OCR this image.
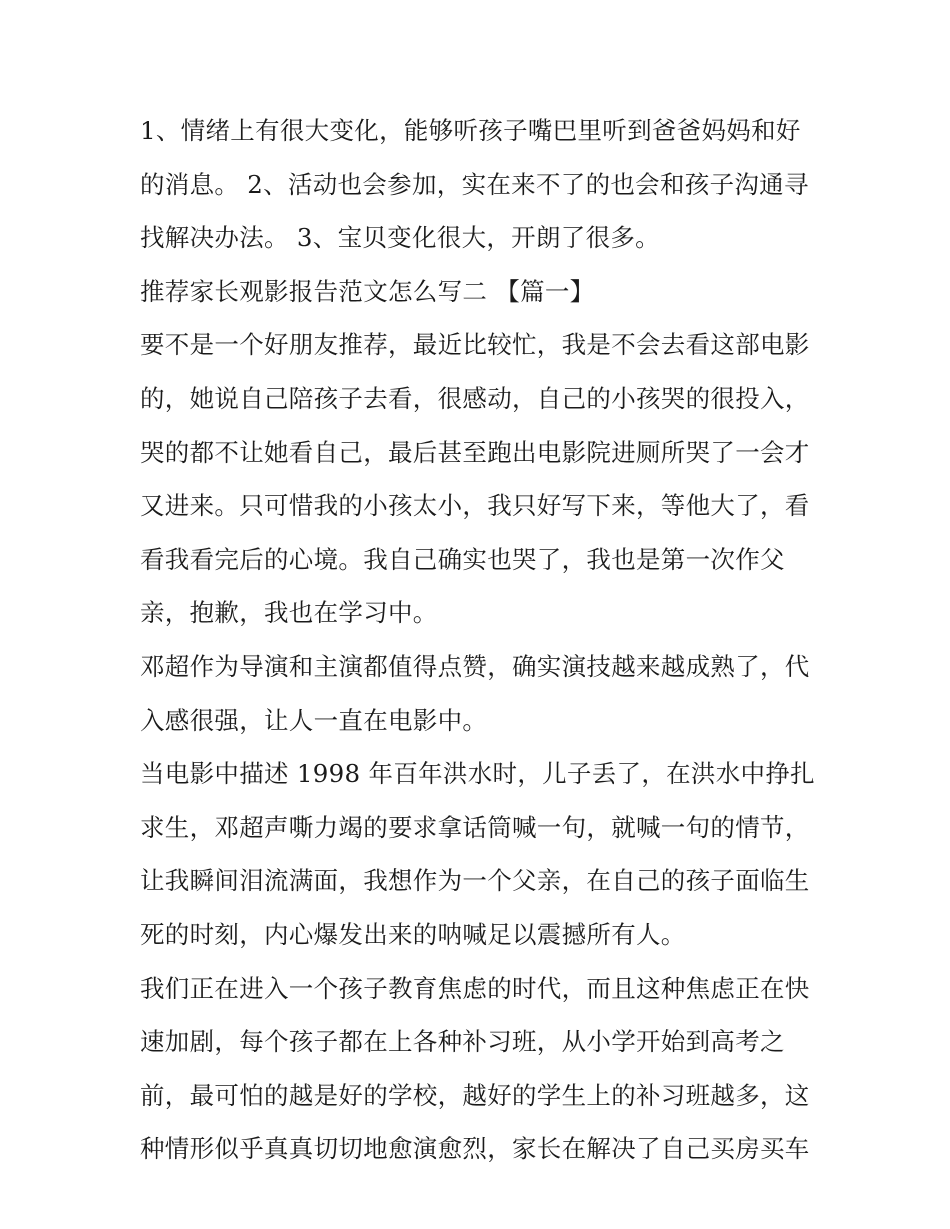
1、情绪上有很大变化，能够听孩子嘴巴里听到爸爸妈妈和好
的消息。 2、活动也会参加，实在来不了的也会和孩子沟通寻
找解决办法。 3、宝贝变化很大，开朗了很多。

推荐家长观影报告范文怎么写二 【篇一】

要不是一个好朋友推荐，最近比较忙，我是不会去看这部电影
的，她说自己陪孩子去看，很感动，自己的小孩哭的很投入，
哭的都不让她看自己，最后甚至跑出电影院进厕所哭了一会才
又进来。只可惜我的小孩太小，我只好写下来，等他大了，看
看我看完后的心境。我自己确实也哭了，我也是第一次作父
亲，抱歉，我也在学习中。

邓超作为导演和主演都值得点赞，确实演技越来越成熟了，代
入感很强，让人一直在电影中。

当电影中描述 1998 年百年洪水时，儿子丢了，在洪水中挣扎
求生，邓超声嘶力竭的要求拿话筒喊一句，就喊一句的情节，
让我瞬间泪流满面，我想作为一个父亲，在自己的孩子面临生
死的时刻，内心爆发出来的呐喊足以震撼所有人。

我们正在进入一个孩子教育焦虑的时代，而且这种焦虑正在快
速加剧，每个孩子都在上各种补习班，从小学开始到高考之
前，最可怕的越是好的学校，越好的学生上的补习班越多，这
种情形似乎真真切切地愈演愈烈，家长在解决了自己买房买车
